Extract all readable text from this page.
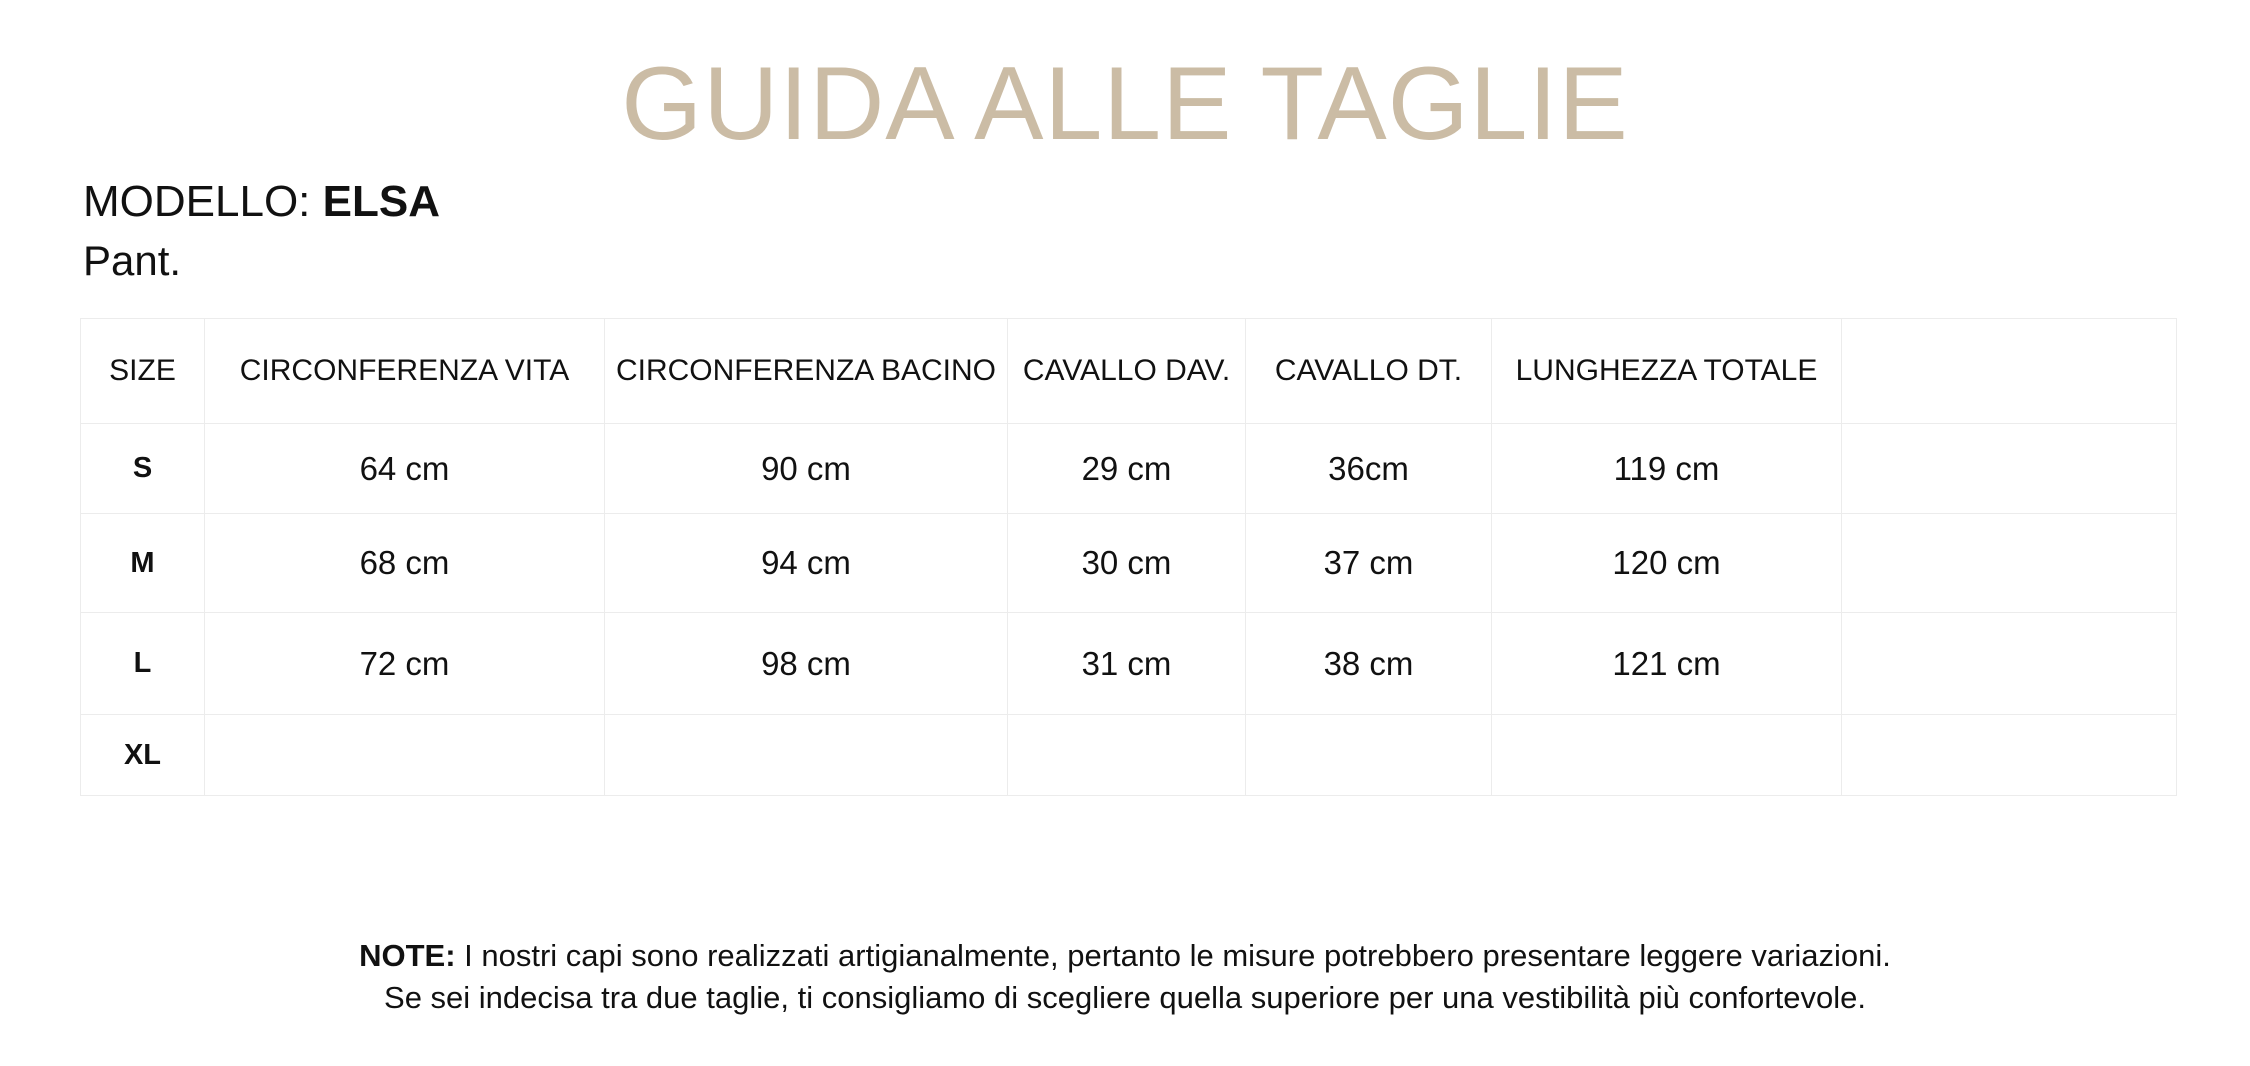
GUIDA ALLE TAGLIE
MODELLO: ELSA
Pant.
SIZE	CIRCONFERENZA VITA	CIRCONFERENZA BACINO	CAVALLO DAV.	CAVALLO DT.	LUNGHEZZA TOTALE	
S	64 cm	90 cm	29 cm	36cm	119 cm	
M	68 cm	94 cm	30 cm	37 cm	120 cm	
L	72 cm	98 cm	31 cm	38 cm	121 cm	
XL						
NOTE: I nostri capi sono realizzati artigianalmente, pertanto le misure potrebbero presentare leggere variazioni.
Se sei indecisa tra due taglie, ti consigliamo di scegliere quella superiore per una vestibilità più confortevole.
